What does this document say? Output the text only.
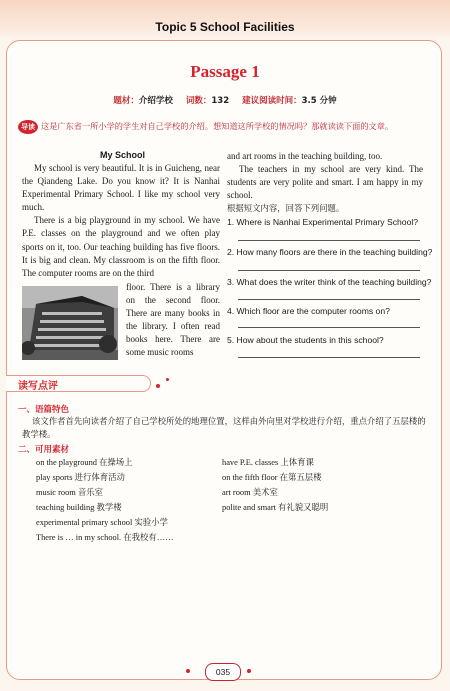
Topic 5 School Facilities
Passage 1
题材：介绍学校 词数：132 建议阅读时间：3.5 分钟
导读 这是广东省一所小学的学生对自己学校的介绍。想知道这所学校的情况吗？那就读读下面的文章。
My School

My school is very beautiful. It is in Guicheng, near the Qiandeng Lake. Do you know it? It is Nanhai Experimental Primary School. I like my school very much.

There is a big playground in my school. We have P.E. classes on the playground and we often play sports on it, too. Our teaching building has five floors. It is big and clean. My classroom is on the fifth floor. The computer rooms are on the third

floor. There is a library on the second floor. There are many books in the library. I often read books here. There are some music rooms

and art rooms in the teaching building, too.

The teachers in my school are very kind. The students are very polite and smart. I am happy in my school.

根据短文内容，回答下列问题。

1. Where is Nanhai Experimental Primary School?
2. How many floors are there in the teaching building?
3. What does the writer think of the teaching building?
4. Which floor are the computer rooms on?
5. How about the students in this school?
读写点评
一、语篇特色
该文作者首先向读者介绍了自己学校所处的地理位置，这样由外向里对学校进行介绍，重点介绍了五层楼的教学楼。
二、可用素材
on the playground 在操场上
play sports 进行体育活动
music room 音乐室
teaching building 教学楼
experimental primary school 实验小学
There is … in my school. 在我校有……
have P.E. classes 上体育课
on the fifth floor 在第五层楼
art room 美术室
polite and smart 有礼貌又聪明
035
